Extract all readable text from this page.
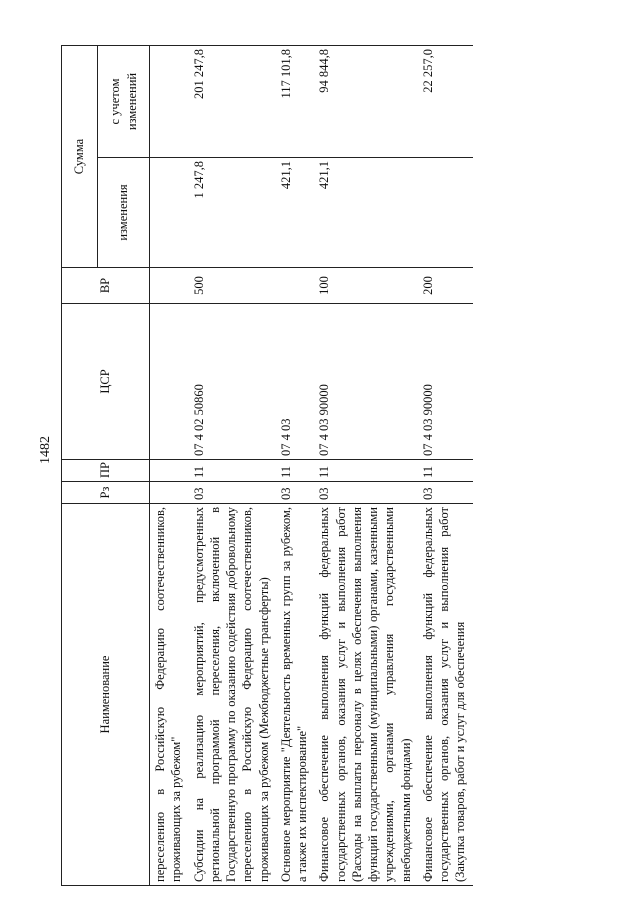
1482
Наименование	Рз	ПР	ЦСР	ВР	Сумма	
					изменения	с учетом изменений
переселению в Российскую Федерацию соотечественников, проживающих за рубежом"						
Субсидии на реализацию мероприятий, предусмотренных региональной программой переселения, включенной в Государственную программу по оказанию содействия добровольному переселению в Российскую Федерацию соотечественников, проживающих за рубежом (Межбюджетные трансферты)	03	11	07 4 02 50860	500	1 247,8	201 247,8
Основное мероприятие "Деятельность временных групп за рубежом, а также их инспектирование"	03	11	07 4 03		421,1	117 101,8
Финансовое обеспечение выполнения функций федеральных государственных органов, оказания услуг и выполнения работ (Расходы на выплаты персоналу в целях обеспечения выполнения функций государственными (муниципальными) органами, казенными учреждениями, органами управления государственными внебюджетными фондами)	03	11	07 4 03 90000	100	421,1	94 844,8
Финансовое обеспечение выполнения функций федеральных государственных органов, оказания услуг и выполнения работ (Закупка товаров, работ и услуг для обеспечения	03	11	07 4 03 90000	200		22 257,0
